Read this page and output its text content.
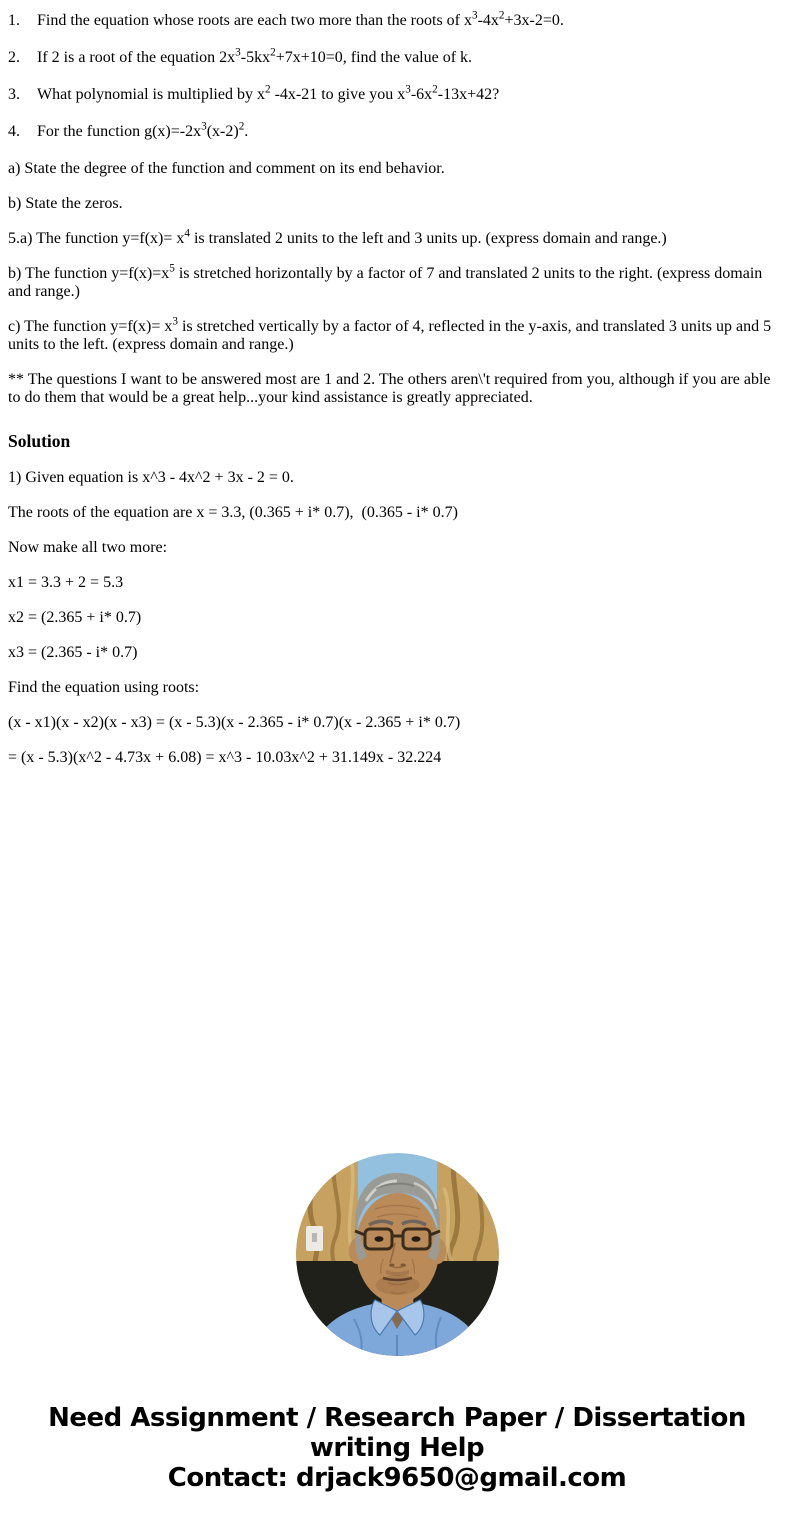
1.	Find the equation whose roots are each two more than the roots of $x^3-4x^2+3x-2=0$.
2.	If 2 is a root of the equation $2x^3-5kx^2+7x+10=0$, find the value of k.
3.	What polynomial is multiplied by $x^2$ -4x-21 to give you $x^3-6x^2-13x+42$?
4.	For the function $g(x)=-2x^3(x-2)^2$.

a) State the degree of the function and comment on its end behavior.

b) State the zeros.

5.a) The function $y=f(x)= x^4$ is translated 2 units to the left and 3 units up. (express domain and range.)

b) The function $y=f(x)=x^5$ is stretched horizontally by a factor of 7 and translated 2 units to the right. (express domain and range.)

c) The function $y=f(x)= x^3$ is stretched vertically by a factor of 4, reflected in the y-axis, and translated 3 units up and 5 units to the left. (express domain and range.)

** The questions I want to be answered most are 1 and 2. The others aren\'t required from you, although if you are able to do them that would be a great help...your kind assistance is greatly appreciated.

Solution

1) Given equation is x^3 - 4x^2 + 3x - 2 = 0.

The roots of the equation are x = 3.3, (0.365 + i* 0.7),  (0.365 - i* 0.7)

Now make all two more:

x1 = 3.3 + 2 = 5.3

x2 = (2.365 + i* 0.7)

x3 = (2.365 - i* 0.7)

Find the equation using roots:

(x - x1)(x - x2)(x - x3) = (x - 5.3)(x - 2.365 - i* 0.7)(x - 2.365 + i* 0.7)

= (x - 5.3)(x^2 - 4.73x + 6.08) = x^3 - 10.03x^2 + 31.149x - 32.224

Need Assignment / Research Paper / Dissertation
writing Help
Contact: drjack9650@gmail.com
